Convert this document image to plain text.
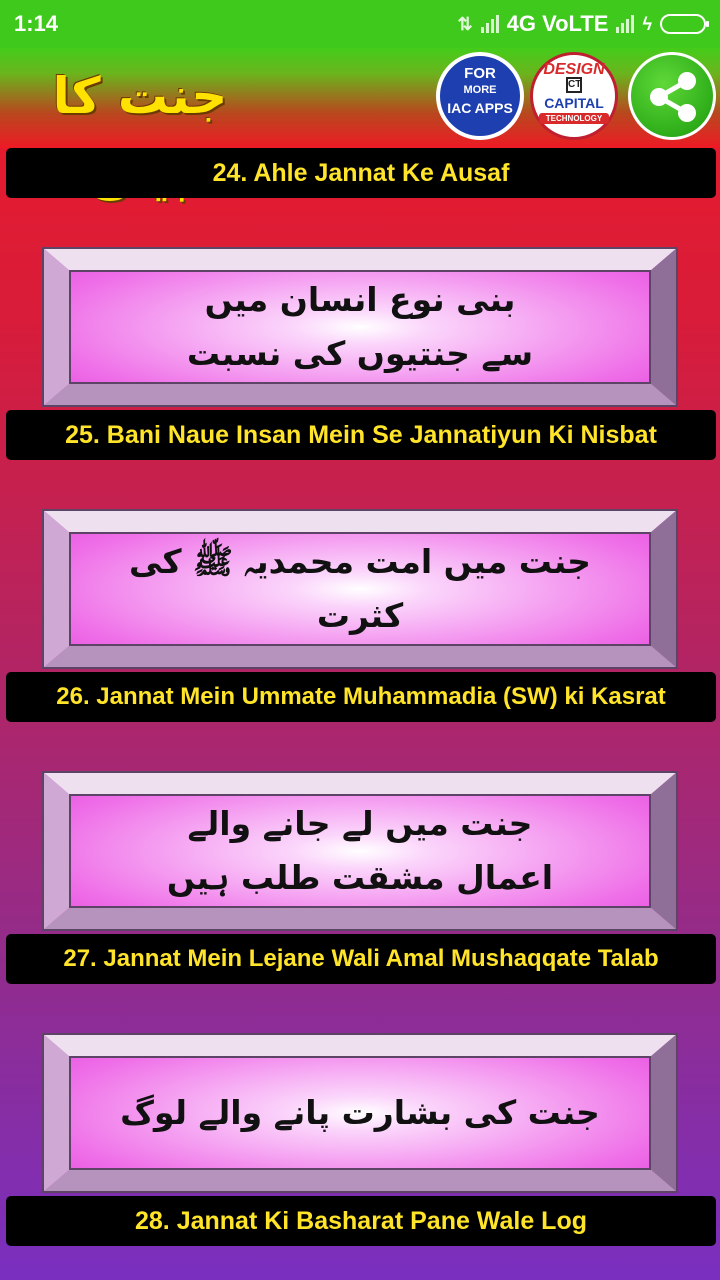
1:14	⇅ 4G VoLTE ϟ
جنت کا	FOR
MORE
IAC APPS
DESIGN
CT
CAPITAL
TECHNOLOGY
24. Ahle Jannat Ke Ausaf
بنی نوع انسان میں
سے جنتیوں کی نسبت
25. Bani Naue Insan Mein Se Jannatiyun Ki Nisbat
جنت میں امت محمدیہ ﷺ کی کثرت
26. Jannat Mein Ummate Muhammadia (SW) ki Kasrat
جنت میں لے جانے والے
اعمال مشقت طلب ہیں
27. Jannat Mein Lejane Wali Amal Mushaqqate Talab
جنت کی بشارت پانے والے لوگ
28. Jannat Ki Basharat Pane Wale Log
